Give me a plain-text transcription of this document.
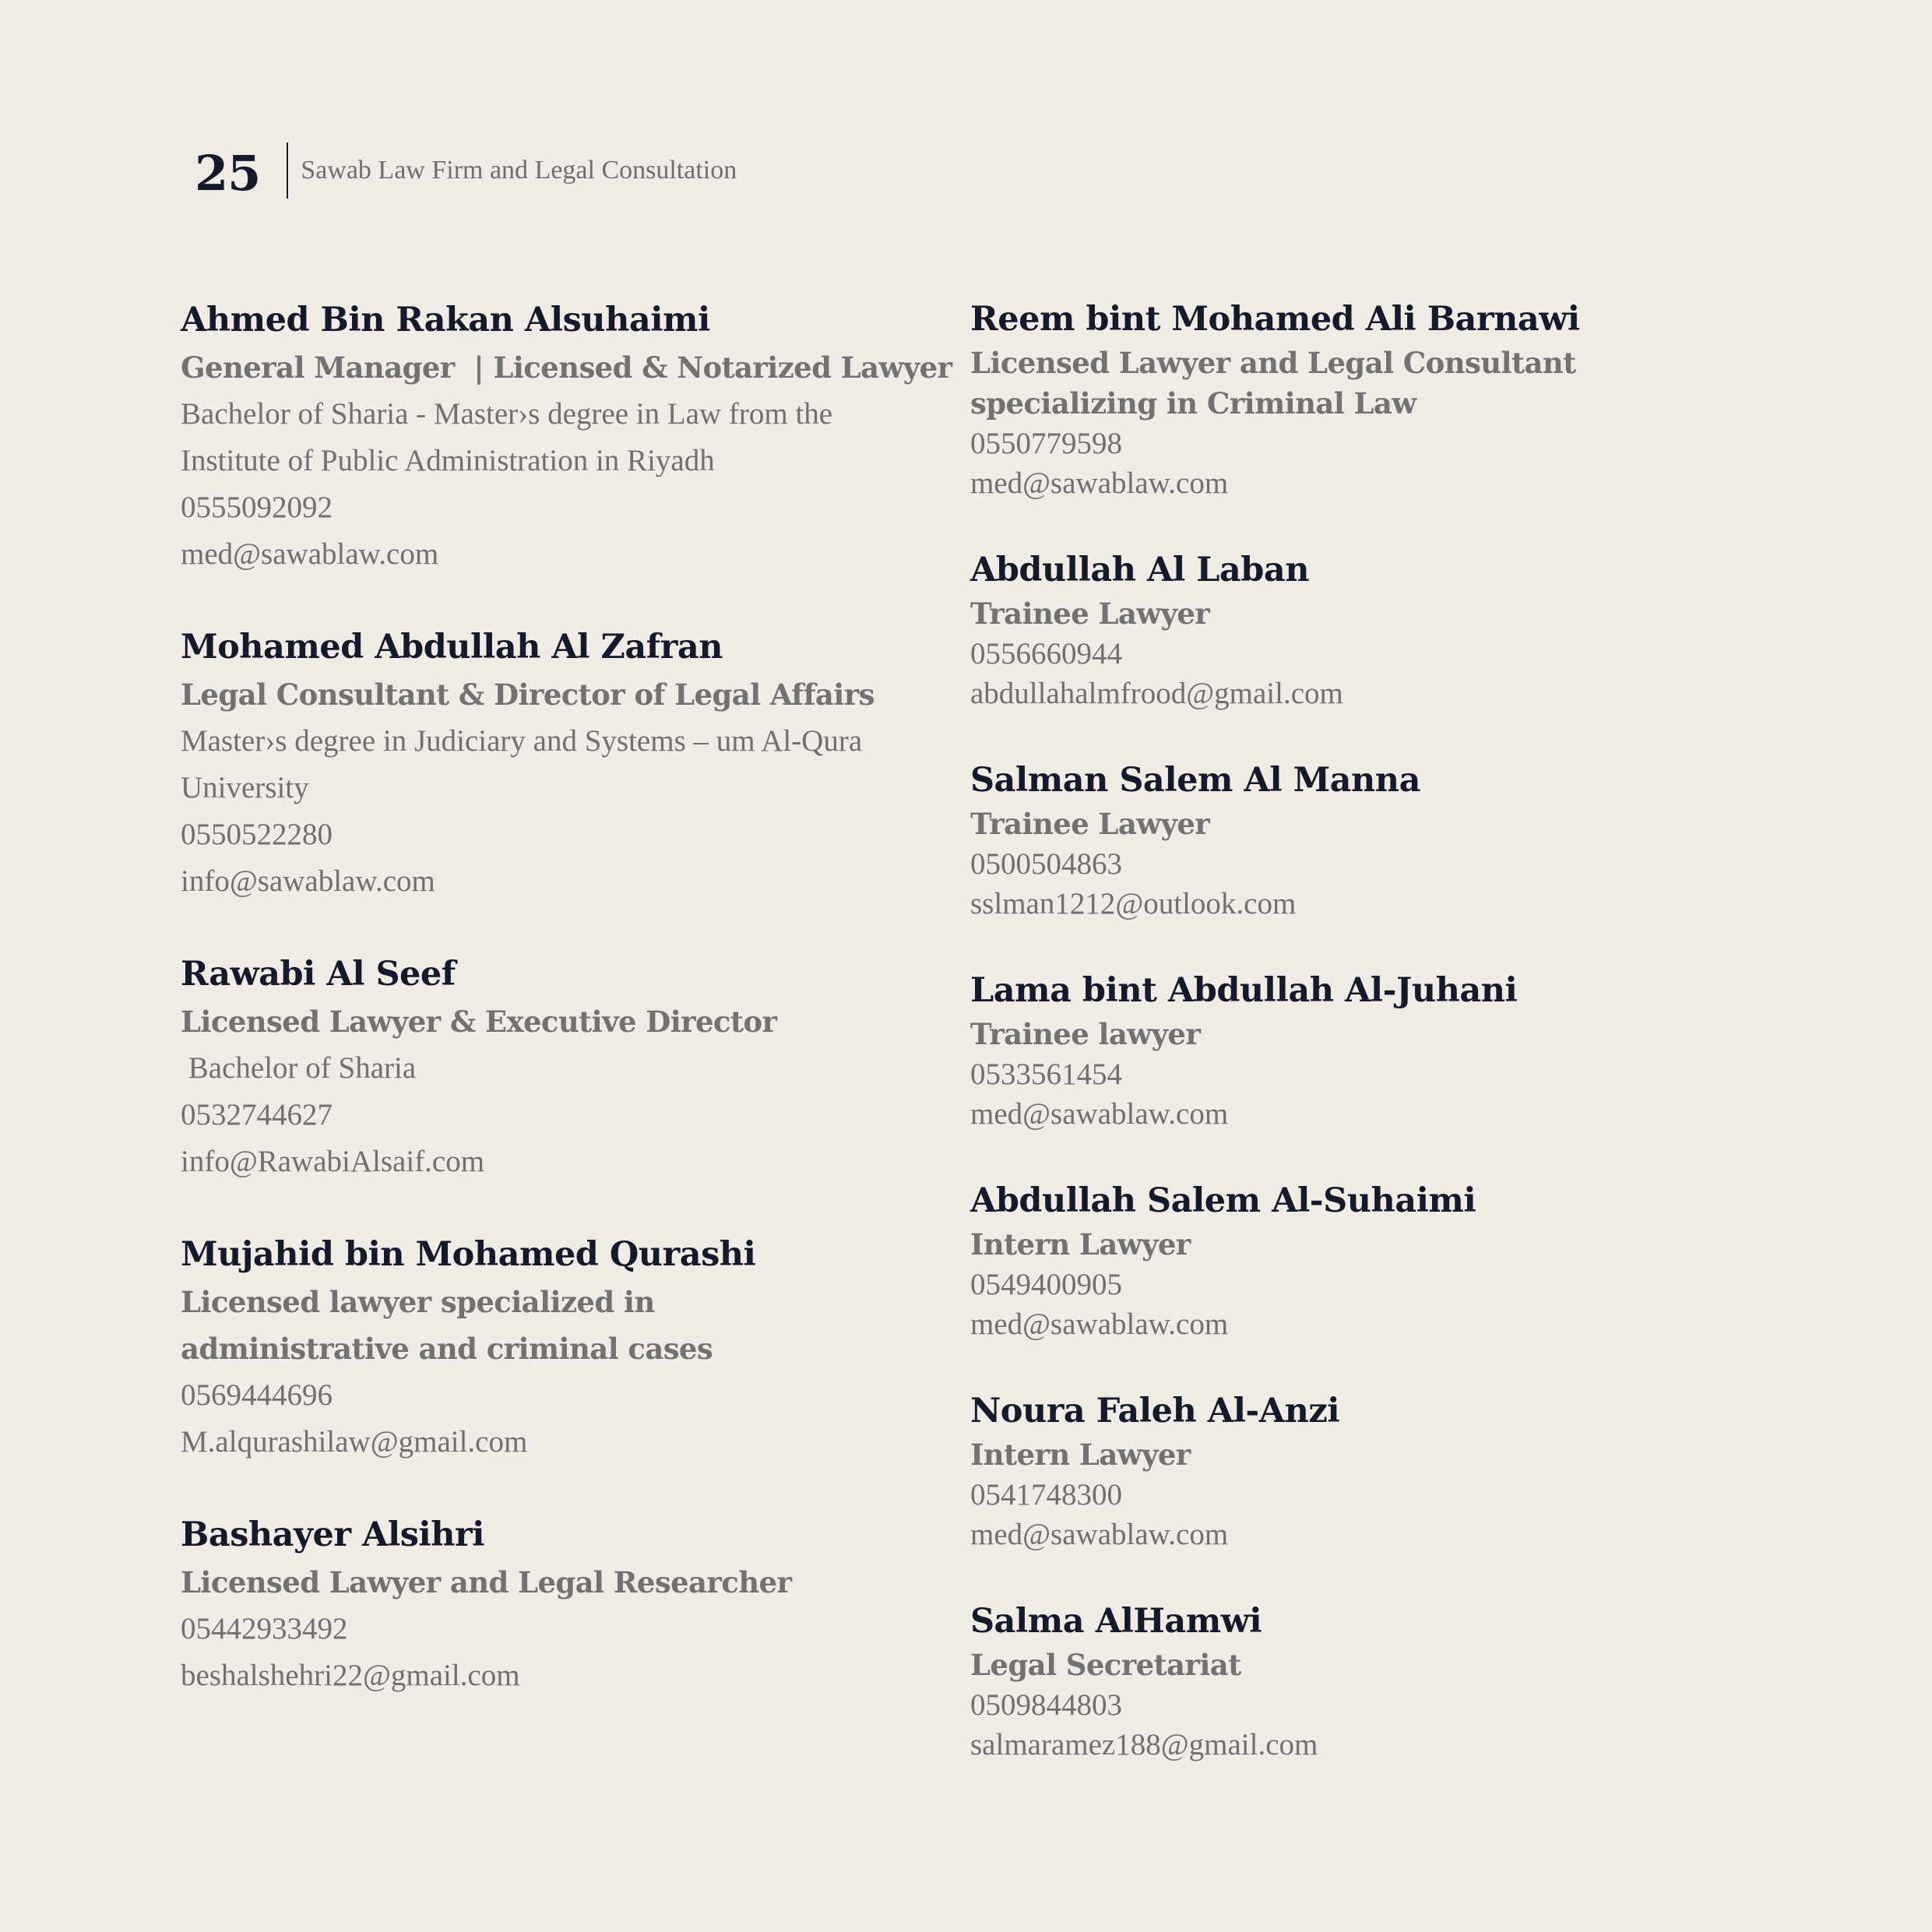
25 Sawab Law Firm and Legal Consultation
Ahmed Bin Rakan Alsuhaimi
General Manager  | Licensed & Notarized Lawyer
Bachelor of Sharia - Master›s degree in Law from the Institute of Public Administration in Riyadh
0555092092
med@sawablaw.com
Mohamed Abdullah Al Zafran
Legal Consultant & Director of Legal Affairs
Master›s degree in Judiciary and Systems – um Al-Qura University
0550522280
info@sawablaw.com
Rawabi Al Seef
Licensed Lawyer & Executive Director
Bachelor of Sharia
0532744627
info@RawabiAlsaif.com
Mujahid bin Mohamed Qurashi
Licensed lawyer specialized in administrative and criminal cases
0569444696
M.alqurashilaw@gmail.com
Bashayer Alsihri
Licensed Lawyer and Legal Researcher
05442933492
beshalshehri22@gmail.com
Reem bint Mohamed Ali Barnawi
Licensed Lawyer and Legal Consultant specializing in Criminal Law
0550779598
med@sawablaw.com
Abdullah Al Laban
Trainee Lawyer
0556660944
abdullahalmfrood@gmail.com
Salman Salem Al Manna
Trainee Lawyer
0500504863
sslman1212@outlook.com
Lama bint Abdullah Al-Juhani
Trainee lawyer
0533561454
med@sawablaw.com
Abdullah Salem Al-Suhaimi
Intern Lawyer
0549400905
med@sawablaw.com
Noura Faleh Al-Anzi
Intern Lawyer
0541748300
med@sawablaw.com
Salma AlHamwi
Legal Secretariat
0509844803
salmaramez188@gmail.com
